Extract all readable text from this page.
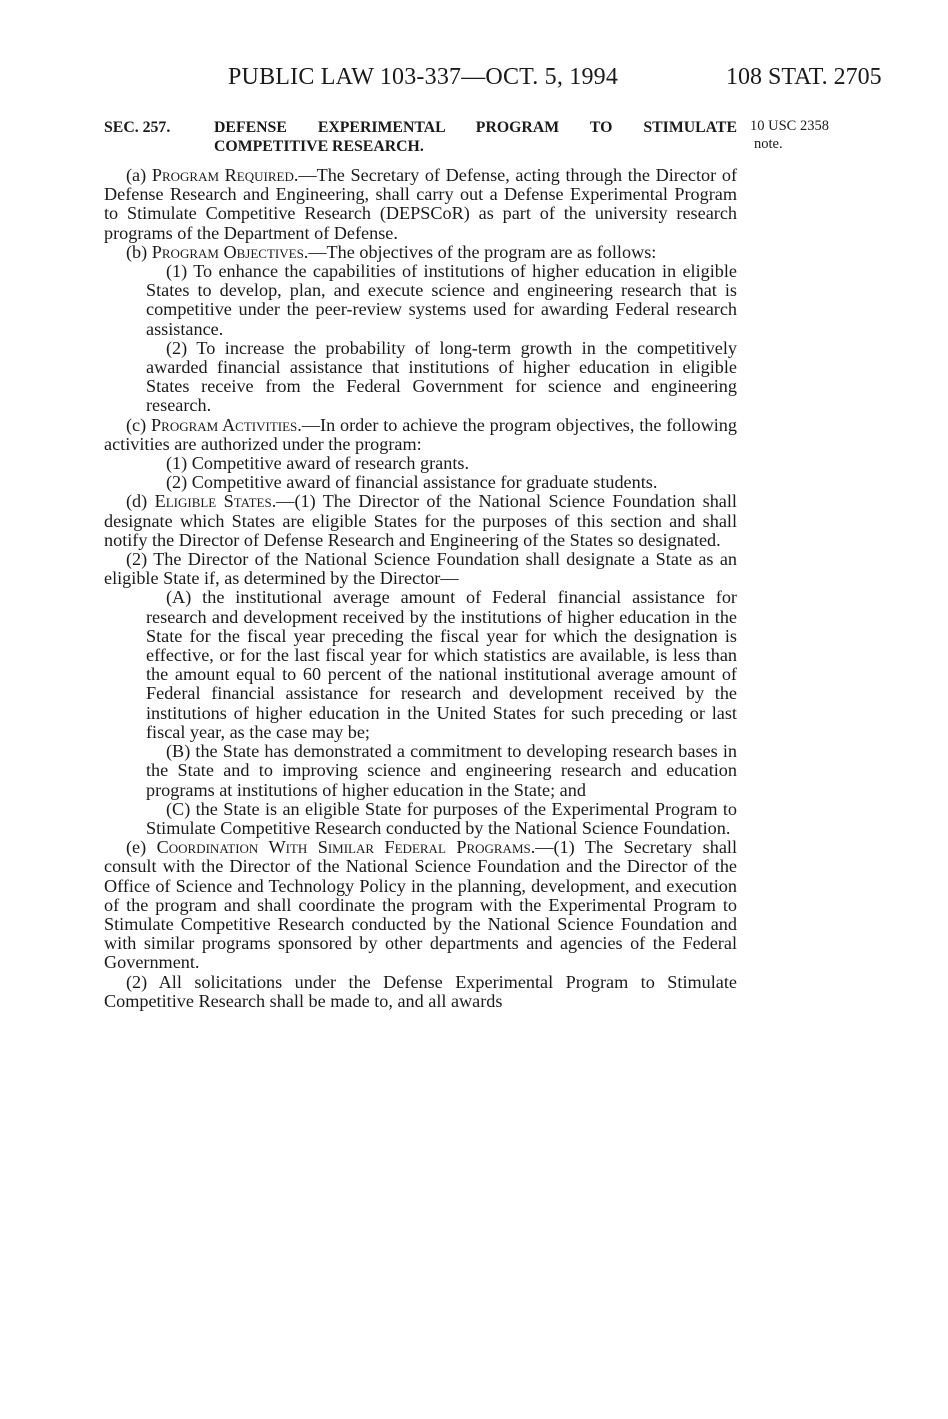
PUBLIC LAW 103-337—OCT. 5, 1994	108 STAT. 2705
10 USC 2358
note.
SEC. 257.	DEFENSE EXPERIMENTAL PROGRAM TO STIMULATE COMPETITIVE RESEARCH.

(a) Program Required.—The Secretary of Defense, acting through the Director of Defense Research and Engineering, shall carry out a Defense Experimental Program to Stimulate Competitive Research (DEPSCoR) as part of the university research programs of the Department of Defense.

(b) Program Objectives.—The objectives of the program are as follows:

(1) To enhance the capabilities of institutions of higher education in eligible States to develop, plan, and execute science and engineering research that is competitive under the peer-review systems used for awarding Federal research assistance.

(2) To increase the probability of long-term growth in the competitively awarded financial assistance that institutions of higher education in eligible States receive from the Federal Government for science and engineering research.

(c) Program Activities.—In order to achieve the program objectives, the following activities are authorized under the program:

(1) Competitive award of research grants.

(2) Competitive award of financial assistance for graduate students.

(d) Eligible States.—(1) The Director of the National Science Foundation shall designate which States are eligible States for the purposes of this section and shall notify the Director of Defense Research and Engineering of the States so designated.

(2) The Director of the National Science Foundation shall designate a State as an eligible State if, as determined by the Director—

(A) the institutional average amount of Federal financial assistance for research and development received by the institutions of higher education in the State for the fiscal year preceding the fiscal year for which the designation is effective, or for the last fiscal year for which statistics are available, is less than the amount equal to 60 percent of the national institutional average amount of Federal financial assistance for research and development received by the institutions of higher education in the United States for such preceding or last fiscal year, as the case may be;

(B) the State has demonstrated a commitment to developing research bases in the State and to improving science and engineering research and education programs at institutions of higher education in the State; and

(C) the State is an eligible State for purposes of the Experimental Program to Stimulate Competitive Research conducted by the National Science Foundation.

(e) Coordination With Similar Federal Programs.—(1) The Secretary shall consult with the Director of the National Science Foundation and the Director of the Office of Science and Technology Policy in the planning, development, and execution of the program and shall coordinate the program with the Experimental Program to Stimulate Competitive Research conducted by the National Science Foundation and with similar programs sponsored by other departments and agencies of the Federal Government.

(2) All solicitations under the Defense Experimental Program to Stimulate Competitive Research shall be made to, and all awards
